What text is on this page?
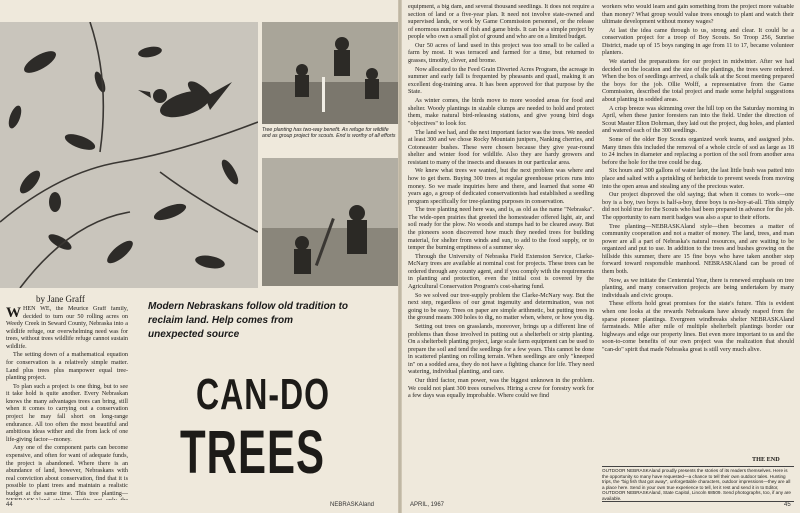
Tree planting has two-way benefit. As refuge for wildlife and as group project for scouts. End is worthy of all efforts
by Jane Graff

WHEN WE, the Meurice Graff family, decided to turn our 50 rolling acres on Weedy Creek in Seward County, Nebraska into a wildlife refuge, our overwhelming need was for trees, without trees wildlife refuge cannot sustain wildlife.

The setting down of a mathematical equation for conservation is a relatively simple matter. Land plus trees plus manpower equal tree-planting project.

To plan such a project is one thing, but to see it take hold is quite another. Every Nebraskan knows the many advantages trees can bring, still when it comes to carrying out a conservation project he may fall short on long-range endurance. All too often the most beautiful and ambitious ideas wither and die from lack of one life-giving factor—money.

Any one of the component parts can become expensive, and often for want of adequate funds, the project is abandoned. Where there is an abundance of land, however, Nebraskans with real conviction about conservation, find that it is possible to plant trees and maintain a realistic budget at the same time. This tree planting—

Modern Nebraskans follow old tradition to reclaim land. Help comes from unexpected source
CAN-DO
TREES
44	NEBRASKAland

equipment, a big dam, and several thousand seedlings. It does not require a section of land or a five-year plan. It need not involve state-owned and supervised lands, or work by Game Commission personnel, or the release of enormous numbers of fish and game birds. It can be a simple project by people who own a small plot of ground and who are on a limited budget.

Our 50 acres of land used in this project was too small to be called a farm by most. It was terraced and farmed for a time, but returned to grasses, timothy, clover, and brome.

Now allocated to the Feed Grain Diverted Acres Program, the acreage in summer and early fall is frequented by pheasants and quail, making it an excellent dog-training area. It has been approved for that purpose by the State.

As winter comes, the birds move to more wooded areas for food and shelter. Woody plantings in sizable clumps are needed to hold and protect them, make natural bird-releasing stations, and give young bird dogs "objectives" to look for.

The land we had, and the next important factor was the trees. We needed at least 300 and we chose Rocky Mountain junipers, Nanking cherries, and Cotoneaster bushes. These were chosen because they give year-round shelter and winter food for wildlife. Also they are hardy growers and resistant to many of the insects and diseases in our particular area.

We knew what trees we wanted, but the next problem was where and how to get them. Buying 300 trees at regular greenhouse prices runs into money. So we made inquiries here and there, and learned that some 40 years ago, a group of dedicated conservationists had established a seedling program specifically for tree-planting purposes in conservation.

The tree planting need here was, and is, as old as the name "Nebraska". The wide-open prairies that greeted the homesteader offered light, air, and soil ready for the plow. No woods and stumps had to be cleared away. But the pioneers soon discovered how much they needed trees for building material, for shelter from winds and sun, to add to the food supply, or to temper the burning emptiness of a summer sky.

Through the University of Nebraska Field Extension Service, Clarke-McNary trees are available at nominal cost for projects. These trees can be ordered through any county agent, and if you comply with the requirements in planting and protection, even the initial cost is covered by the Agricultural Conservation Program's cost-sharing fund.

So we solved our tree-supply problem the Clarke-McNary way. But the next step, regardless of our great ingenuity and determination, was not going to be easy. Trees on paper are simple arithmetic, but putting trees in the ground means 300 holes to dig, no matter when, where, or how you dig.

Setting out trees on grasslands, moreover, brings up a different line of problems than those involved in putting out a shelterbelt or strip planting. On a shelterbelt planting project, large scale farm equipment can be used to prepare the soil and tend the seedlings for a few years. This cannot be done in scattered planting on rolling terrain. When seedlings are only "kneeped in" on a sodded area, they do not have a fighting chance for life. They need watering, individual planting, and care.

Our third factor, man power, was the biggest unknown in the problem. We could not plant 300 trees ourselves. Hiring a crew for forestry work for a few days was equally improbable. Where could we find

workers who would learn and gain something from the project more valuable than money? What group would value trees enough to plant and watch their ultimate development without money wages?

At last the idea came through to us, strong and clear. It could be a conservation project for a troop of Boy Scouts. So Troop 256, Sunrise District, made up of 15 boys ranging in age from 11 to 17, became volunteer planters.

We started the preparations for our project in midwinter. After we had decided on the location and the size of the plantings, the trees were ordered. When the box of seedlings arrived, a chalk talk at the Scout meeting prepared the boys for the job. Ollie Wolff, a representative from the Game Commission, described the total project and made some helpful suggestions about planting in sodded areas.

A crisp breeze was skimming over the hill top on the Saturday morning in April, when these junior foresters ran into the field. Under the direction of Scout Master Elton Dohrman, they laid out the project, dug holes, and planted and watered each of the 300 seedlings.

Some of the older Boy Scouts organized work teams, and assigned jobs. Many times this included the removal of a whole circle of sod as large as 18 to 24 inches in diameter and replacing a portion of the soil from another area before the hole for the tree could be dug.

Six hours and 300 gallons of water later, the last little bush was patted into place and salted with a sprinkling of herbicide to prevent weeds from moving into the open areas and stealing any of the precious water.

Our project disproved the old saying; that when it comes to work—one boy is a boy, two boys is half-a-boy, three boys is no-boy-at-all. This simply did not hold true for the Scouts who had been prepared in advance for the job. The opportunity to earn merit badges was also a spur to their efforts.

Tree planting—NEBRASKAland style—then becomes a matter of community cooperation and not a matter of money. The land, trees, and man power are all a part of Nebraska's natural resources, and are waiting to be organized and put to use. In addition to the trees and bushes growing on the hillside this summer, there are 15 fine boys who have taken another step forward toward responsible manhood. NEBRASKAland can be proud of them both.

Now, as we initiate the Centennial Year, there is renewed emphasis on tree planting, and many conservation projects are being undertaken by many individuals and civic groups.

These efforts hold great promises for the state's future. This is evident when one looks at the rewards Nebraskans have already reaped from the sparse pioneer plantings. Evergreen windbreaks shelter NEBRASKAland farmsteads. Mile after mile of multiple shelterbelt plantings border our highways and edge our property lines. But even more important to us and the soon-to-come benefits of our own project was the realization that should "can-do" spirit that made Nebraska great is still very much alive.

THE END
OUTDOOR NEBRASKAland proudly presents the stories of its readers themselves. Here is the opportunity so many have requested—a chance to tell their own outdoor tales. Hunting trips, the "big fish that got away", unforgettable characters, outdoor impressions—they are all a place here. Send in your own true experience to tell, let it rest and send it in to Editor, OUTDOOR NEBRASKAland, State Capitol, Lincoln 68509. Send photographs, too, if any are available.
APRIL, 1967	45
